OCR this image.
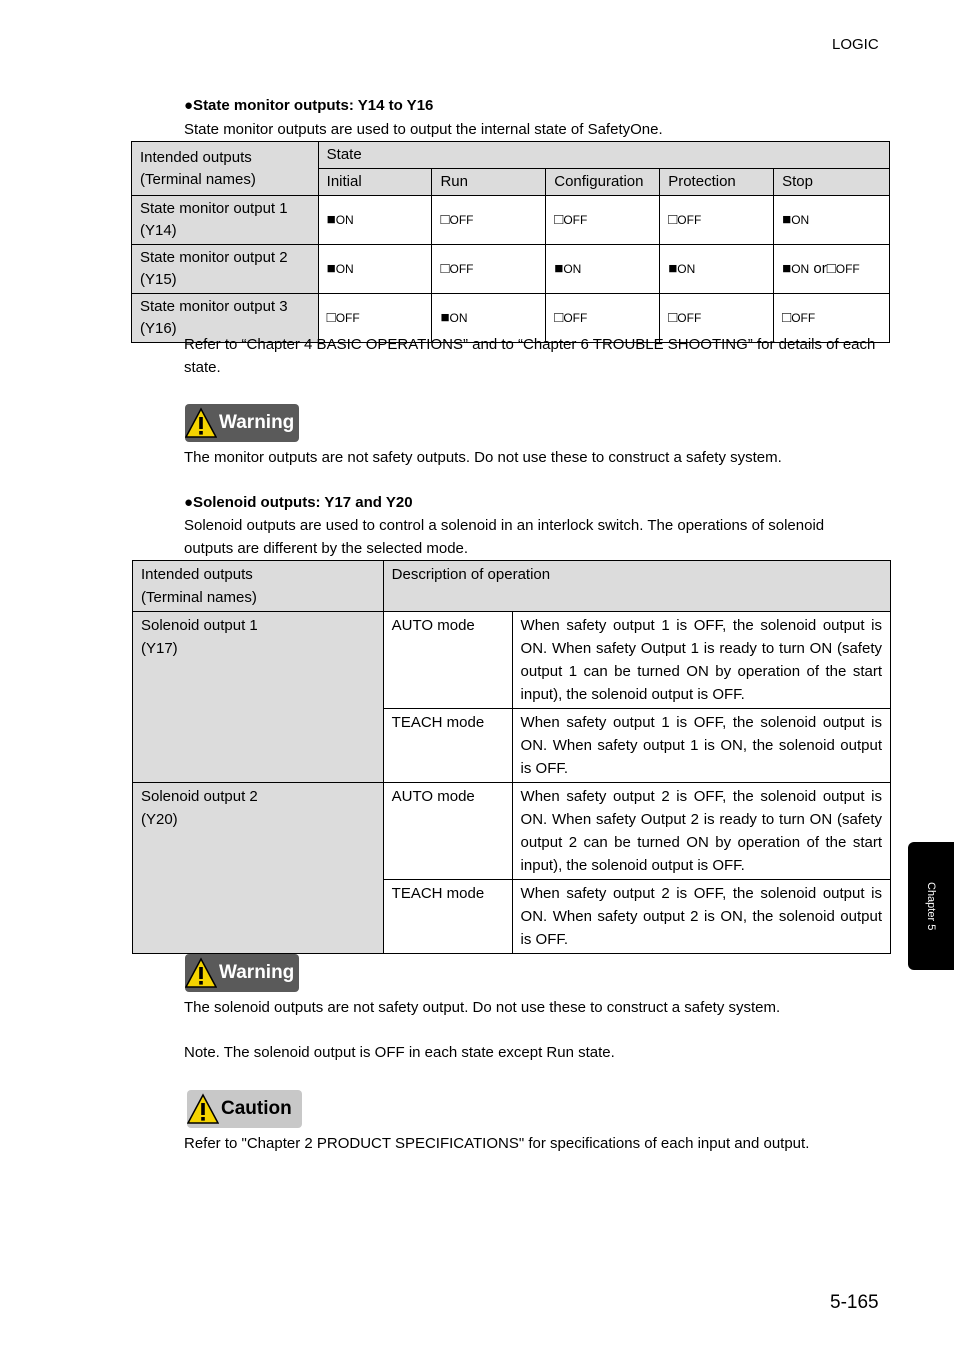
LOGIC
●State monitor outputs: Y14 to Y16
State monitor outputs are used to output the internal state of SafetyOne.
Intended outputs
(Terminal names)	State				
	Initial	Run	Configuration	Protection	Stop

State monitor output 1
(Y14)	■ON	□OFF	□OFF	□OFF	■ON

State monitor output 2
(Y15)	■ON	□OFF	■ON	■ON	■ON or□OFF

State monitor output 3
(Y16)	□OFF	■ON	□OFF	□OFF	□OFF
Refer to “Chapter 4 BASIC OPERATIONS” and to “Chapter 6 TROUBLE SHOOTING” for details of each state.
Warning
The monitor outputs are not safety outputs. Do not use these to construct a safety system.
●Solenoid outputs: Y17 and Y20
Solenoid outputs are used to control a solenoid in an interlock switch. The operations of solenoid outputs are different by the selected mode.
Intended outputs
(Terminal names)	Description of operation	

Solenoid output 1
(Y17)	AUTO mode	When safety output 1 is OFF, the solenoid output is ON. When safety Output 1 is ready to turn ON (safety output 1 can be turned ON by operation of the start input), the solenoid output is OFF.
	TEACH mode	When safety output 1 is OFF, the solenoid output is ON. When safety output 1 is ON, the solenoid output is OFF.

Solenoid output 2
(Y20)	AUTO mode	When safety output 2 is OFF, the solenoid output is ON. When safety Output 2 is ready to turn ON (safety output 2 can be turned ON by operation of the start input), the solenoid output is OFF.
	TEACH mode	When safety output 2 is OFF, the solenoid output is ON. When safety output 2 is ON, the solenoid output is OFF.
Warning
The solenoid outputs are not safety output. Do not use these to construct a safety system.
Note. The solenoid output is OFF in each state except Run state.
Caution
Refer to "Chapter 2 PRODUCT SPECIFICATIONS" for specifications of each input and output.
Chapter 5
5-165
